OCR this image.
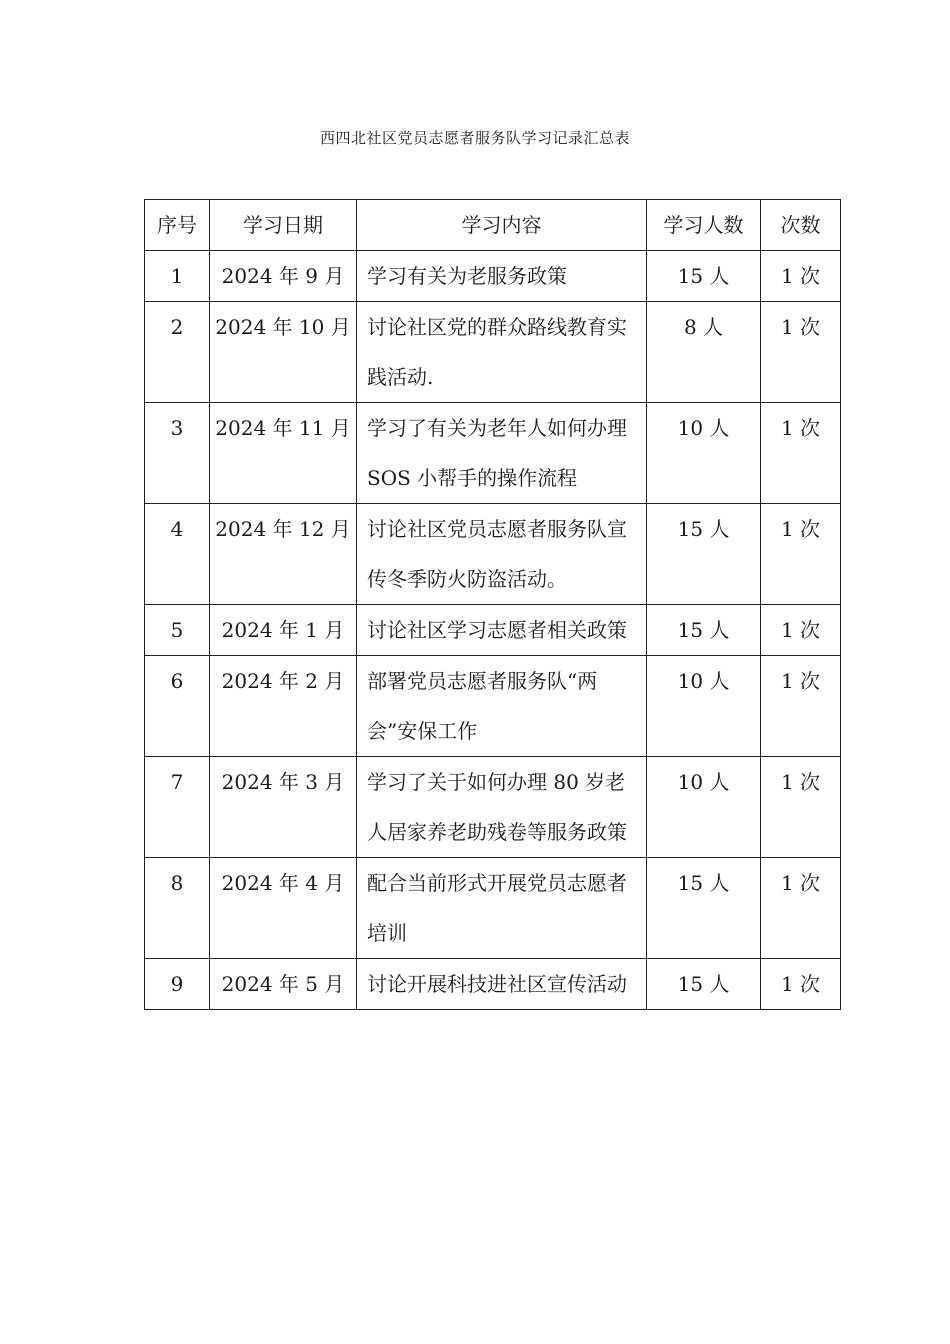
西四北社区党员志愿者服务队学习记录汇总表
序号	学习日期	学习内容	学习人数	次数
1	2024 年 9 月	学习有关为老服务政策	15 人	1 次
2	2024 年 10 月	讨论社区党的群众路线教育实践活动.	8 人	1 次
3	2024 年 11 月	学习了有关为老年人如何办理 SOS 小帮手的操作流程	10 人	1 次
4	2024 年 12 月	讨论社区党员志愿者服务队宣传冬季防火防盗活动。	15 人	1 次
5	2024 年 1 月	讨论社区学习志愿者相关政策	15 人	1 次
6	2024 年 2 月	部署党员志愿者服务队“两会”安保工作	10 人	1 次
7	2024 年 3 月	学习了关于如何办理 80 岁老人居家养老助残卷等服务政策	10 人	1 次
8	2024 年 4 月	配合当前形式开展党员志愿者培训	15 人	1 次
9	2024 年 5 月	讨论开展科技进社区宣传活动	15 人	1 次
